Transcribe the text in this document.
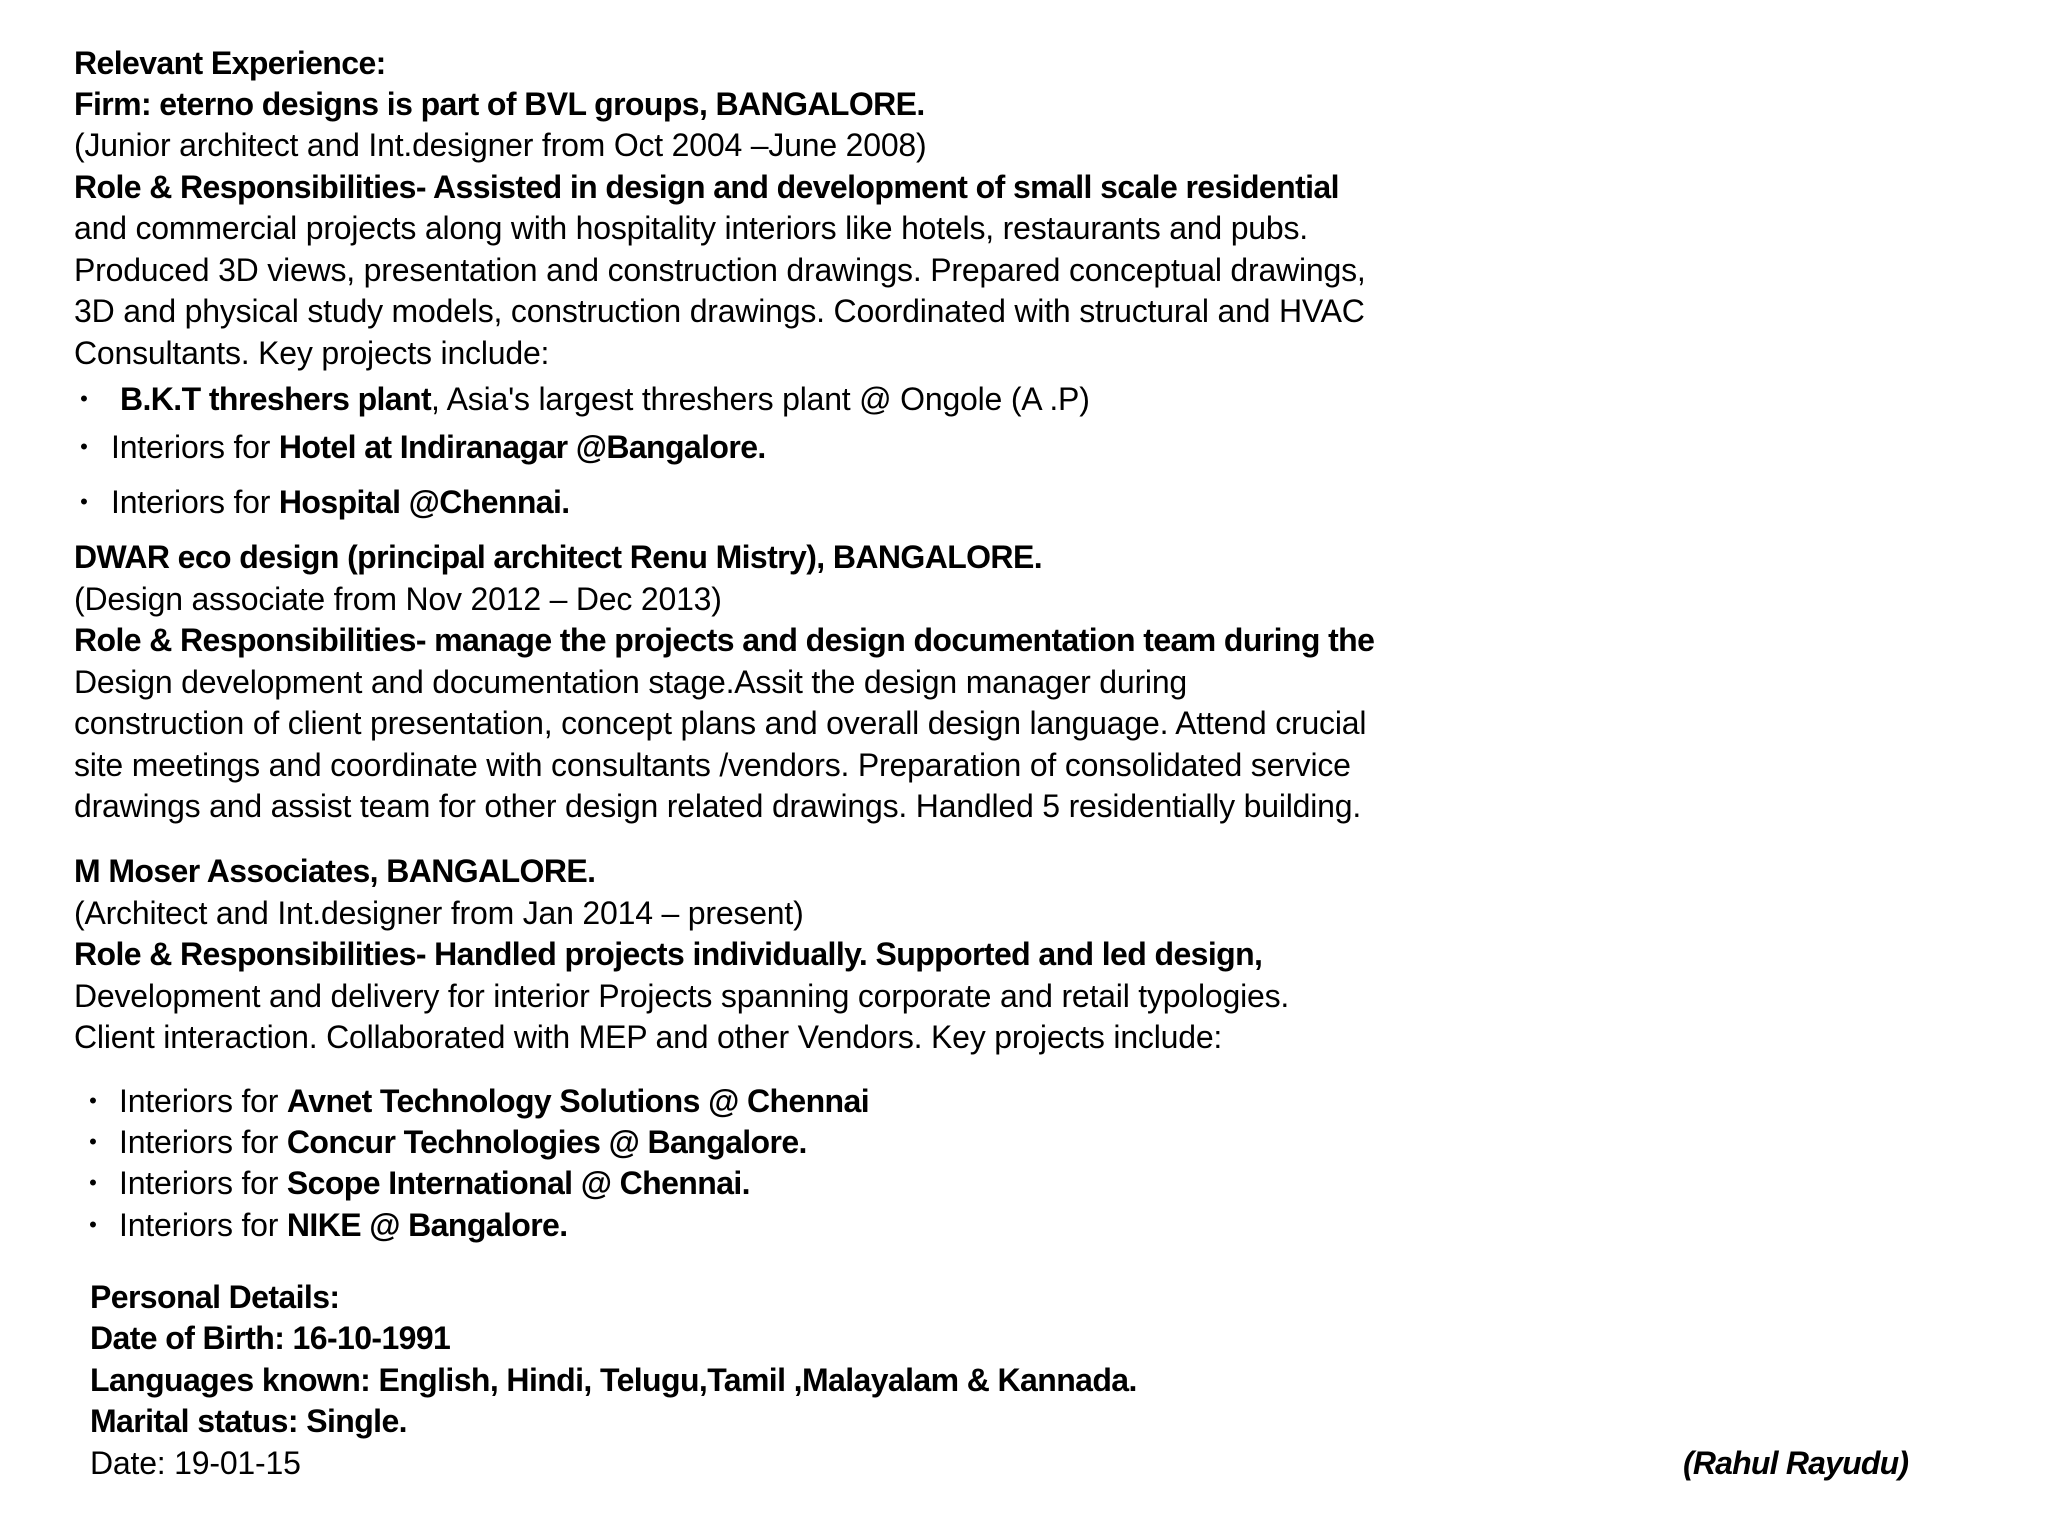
Relevant Experience:
Firm: eterno designs is part of BVL groups, BANGALORE.
(Junior architect and Int.designer from Oct 2004 –June 2008)
Role & Responsibilities- Assisted in design and development of small scale residential
and commercial projects along with hospitality interiors like hotels, restaurants and pubs.
Produced 3D views, presentation and construction drawings. Prepared conceptual drawings,
3D and physical study models, construction drawings. Coordinated with structural and HVAC
Consultants. Key projects include:
• B.K.T threshers plant, Asia's largest threshers plant @ Ongole (A .P)
• Interiors for Hotel at Indiranagar @Bangalore.
• Interiors for Hospital @Chennai.
DWAR eco design (principal architect Renu Mistry), BANGALORE.
(Design associate from Nov 2012 – Dec 2013)
Role & Responsibilities- manage the projects and design documentation team during the
Design development and documentation stage.Assit the design manager during
construction of client presentation, concept plans and overall design language. Attend crucial
site meetings and coordinate with consultants /vendors. Preparation of consolidated service
drawings and assist team for other design related drawings. Handled 5 residentially building.
M Moser Associates, BANGALORE.
(Architect and Int.designer from Jan 2014 – present)
Role & Responsibilities- Handled projects individually. Supported and led design,
Development and delivery for interior Projects spanning corporate and retail typologies.
Client interaction. Collaborated with MEP and other Vendors. Key projects include:
• Interiors for Avnet Technology Solutions @ Chennai
• Interiors for Concur Technologies @ Bangalore.
• Interiors for Scope International @ Chennai.
• Interiors for NIKE @ Bangalore.
Personal Details:
Date of Birth: 16-10-1991
Languages known: English, Hindi, Telugu,Tamil ,Malayalam & Kannada.
Marital status: Single.
Date: 19-01-15	(Rahul Rayudu)
